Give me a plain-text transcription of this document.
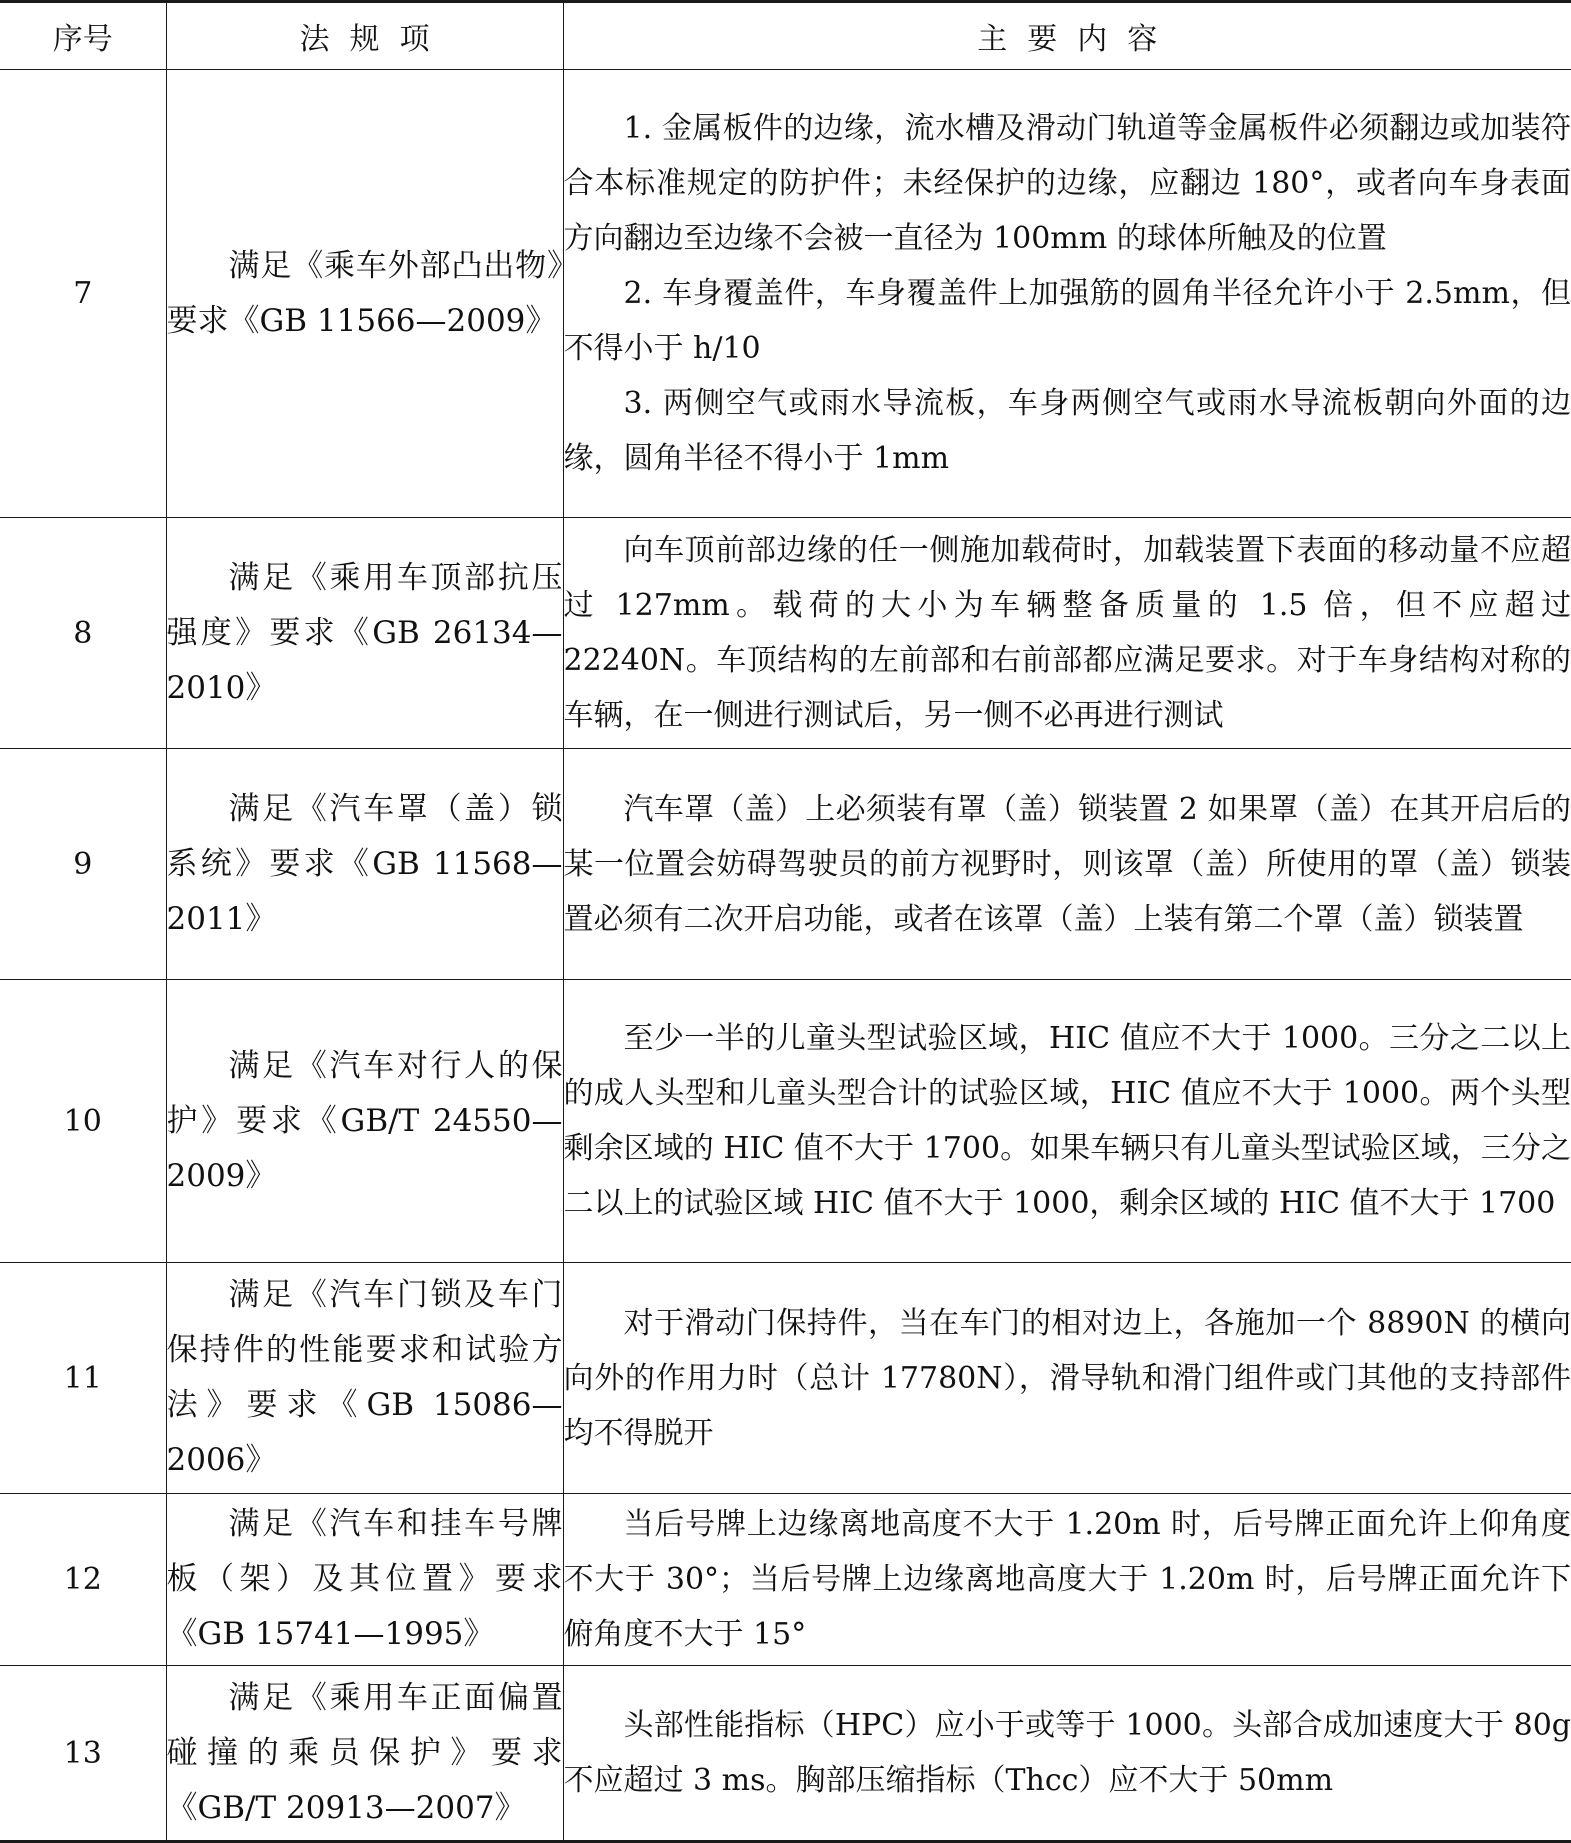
序号	法规项	主要内容
7	满足《乘车外部凸出物》要求《GB 11566—2009》	1. 金属板件的边缘，流水槽及滑动门轨道等金属板件必须翻边或加装符合本标准规定的防护件；未经保护的边缘，应翻边 180°，或者向车身表面方向翻边至边缘不会被一直径为 100mm 的球体所触及的位置

2. 车身覆盖件，车身覆盖件上加强筋的圆角半径允许小于 2.5mm，但不得小于 h/10

3. 两侧空气或雨水导流板，车身两侧空气或雨水导流板朝向外面的边缘，圆角半径不得小于 1mm

8	满足《乘用车顶部抗压强度》要求《GB 26134—2010》	向车顶前部边缘的任一侧施加载荷时，加载装置下表面的移动量不应超过 127mm。载荷的大小为车辆整备质量的 1.5 倍，但不应超过 22240N。车顶结构的左前部和右前部都应满足要求。对于车身结构对称的车辆，在一侧进行测试后，另一侧不必再进行测试

9	满足《汽车罩（盖）锁系统》要求《GB 11568—2011》	汽车罩（盖）上必须装有罩（盖）锁装置 2 如果罩（盖）在其开启后的某一位置会妨碍驾驶员的前方视野时，则该罩（盖）所使用的罩（盖）锁装置必须有二次开启功能，或者在该罩（盖）上装有第二个罩（盖）锁装置

10	满足《汽车对行人的保护》要求《GB/T 24550—2009》	至少一半的儿童头型试验区域，HIC 值应不大于 1000。三分之二以上的成人头型和儿童头型合计的试验区域，HIC 值应不大于 1000。两个头型剩余区域的 HIC 值不大于 1700。如果车辆只有儿童头型试验区域，三分之二以上的试验区域 HIC 值不大于 1000，剩余区域的 HIC 值不大于 1700

11	满足《汽车门锁及车门保持件的性能要求和试验方法》要求《GB 15086—2006》	对于滑动门保持件，当在车门的相对边上，各施加一个 8890N 的横向向外的作用力时（总计 17780N），滑导轨和滑门组件或门其他的支持部件均不得脱开

12	满足《汽车和挂车号牌板（架）及其位置》要求《GB 15741—1995》	当后号牌上边缘离地高度不大于 1.20m 时，后号牌正面允许上仰角度不大于 30°；当后号牌上边缘离地高度大于 1.20m 时，后号牌正面允许下俯角度不大于 15°

13	满足《乘用车正面偏置碰撞的乘员保护》要求《GB/T 20913—2007》	头部性能指标（HPC）应小于或等于 1000。头部合成加速度大于 80g 不应超过 3 ms。胸部压缩指标（Thcc）应不大于 50mm
